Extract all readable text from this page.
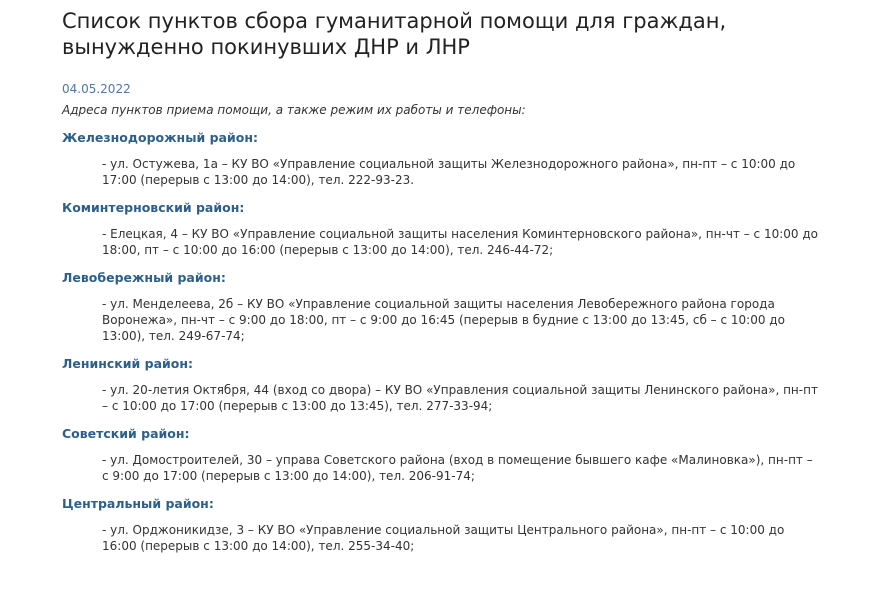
Список пунктов сбора гуманитарной помощи для граждан, вынужденно покинувших ДНР и ЛНР
04.05.2022
Адреса пунктов приема помощи, а также режим их работы и телефоны:
Железнодорожный район:
- ул. Остужева, 1а – КУ ВО «Управление социальной защиты Железнодорожного района», пн-пт – с 10:00 до 17:00 (перерыв с 13:00 до 14:00), тел. 222-93-23.
Коминтерновский район:
- Елецкая, 4 – КУ ВО «Управление социальной защиты населения Коминтерновского района», пн-чт – с 10:00 до 18:00, пт – с 10:00 до 16:00 (перерыв с 13:00 до 14:00), тел. 246-44-72;
Левобережный район:
- ул. Менделеева, 2б – КУ ВО «Управление социальной защиты населения Левобережного района города Воронежа», пн-чт – с 9:00 до 18:00, пт – с 9:00 до 16:45 (перерыв в будние с 13:00 до 13:45, сб – с 10:00 до 13:00), тел. 249-67-74;
Ленинский район:
- ул. 20-летия Октября, 44 (вход со двора) – КУ ВО «Управления социальной защиты Ленинского района», пн-пт – с 10:00 до 17:00 (перерыв с 13:00 до 13:45), тел. 277-33-94;
Советский район:
- ул. Домостроителей, 30 – управа Советского района (вход в помещение бывшего кафе «Малиновка»), пн-пт – с 9:00 до 17:00 (перерыв с 13:00 до 14:00), тел. 206-91-74;
Центральный район:
- ул. Орджоникидзе, 3 – КУ ВО «Управление социальной защиты Центрального района», пн-пт – с 10:00 до 16:00 (перерыв с 13:00 до 14:00), тел. 255-34-40;
